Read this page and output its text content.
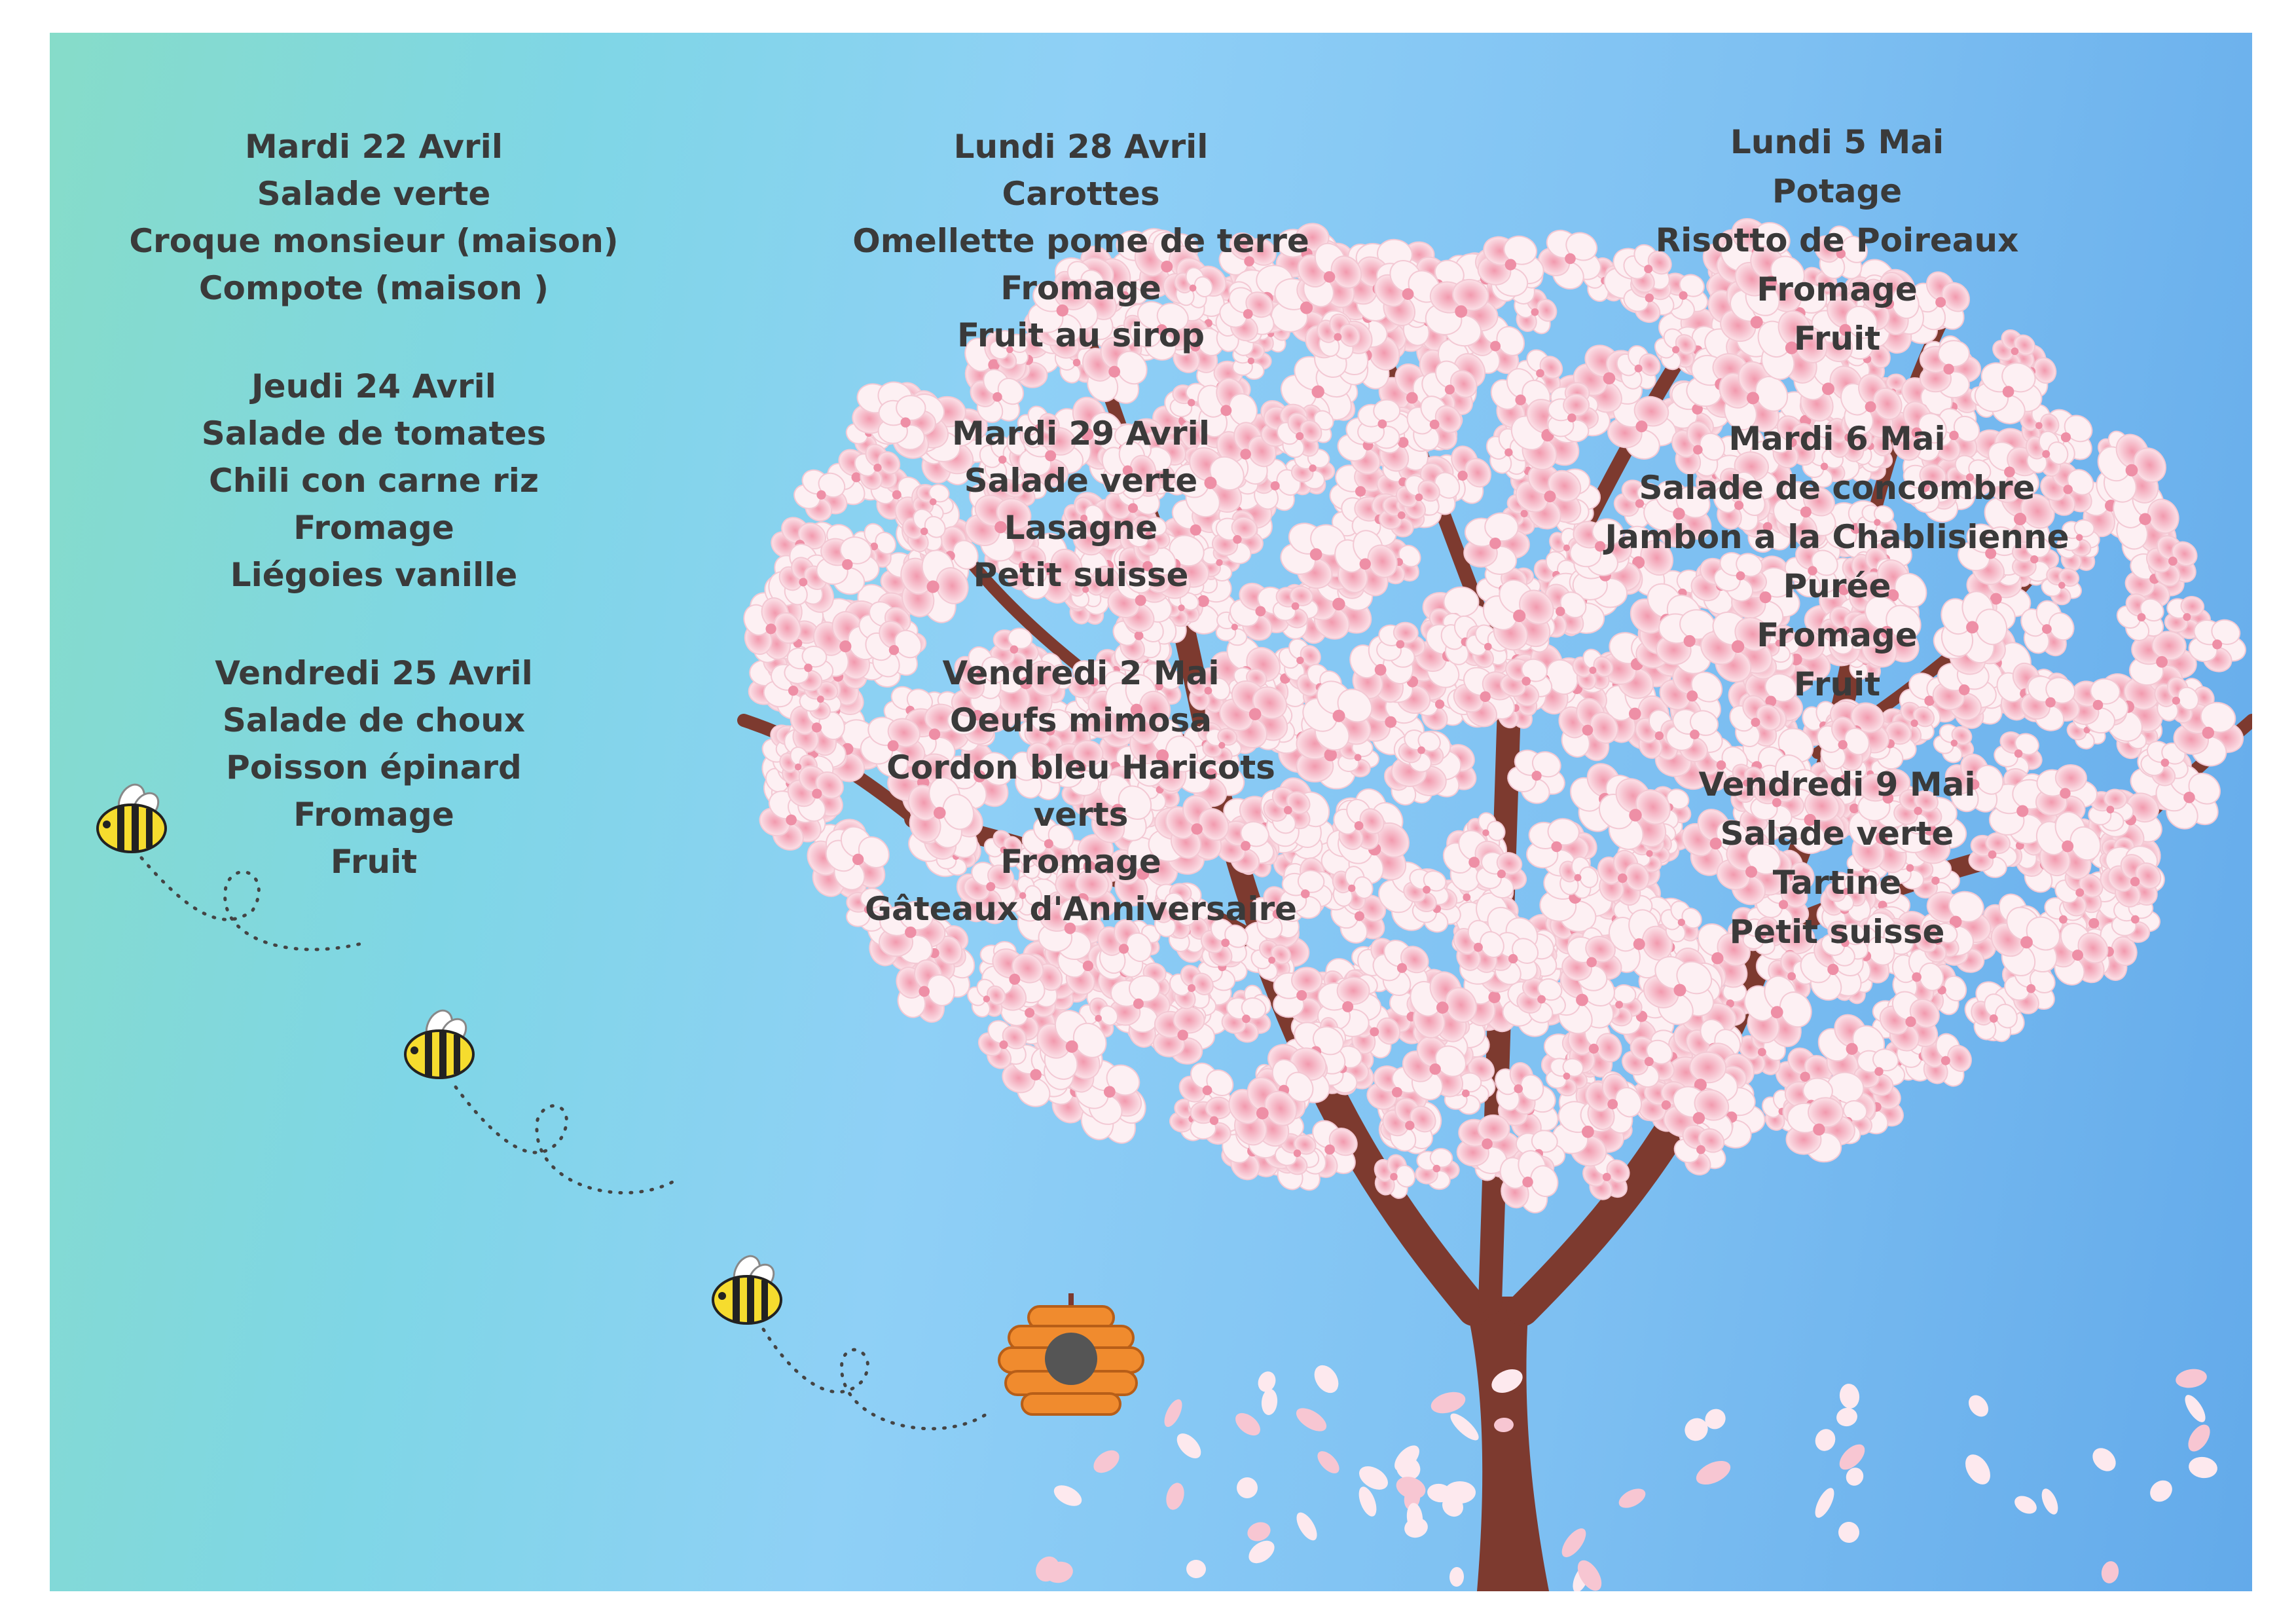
Mardi 22 Avril

Salade verte

Croque monsieur (maison)

Compote (maison )

Jeudi 24 Avril

Salade de tomates

Chili con carne riz

Fromage

Liégoies vanille

Vendredi 25 Avril

Salade de choux

Poisson épinard

Fromage

Fruit

Lundi 28 Avril

Carottes

Omellette pome de terre

Fromage

Fruit au sirop

Mardi 29 Avril

Salade verte

Lasagne

Petit suisse

Vendredi 2 Mai

Oeufs mimosa

Cordon bleu Haricots

verts

Fromage

Gâteaux d'Anniversaire

Lundi 5 Mai

Potage

Risotto de Poireaux

Fromage

Fruit

Mardi 6 Mai

Salade de concombre

Jambon a la Chablisienne

Purée

Fromage

Fruit

Vendredi 9 Mai

Salade verte

Tartine

Petit suisse
